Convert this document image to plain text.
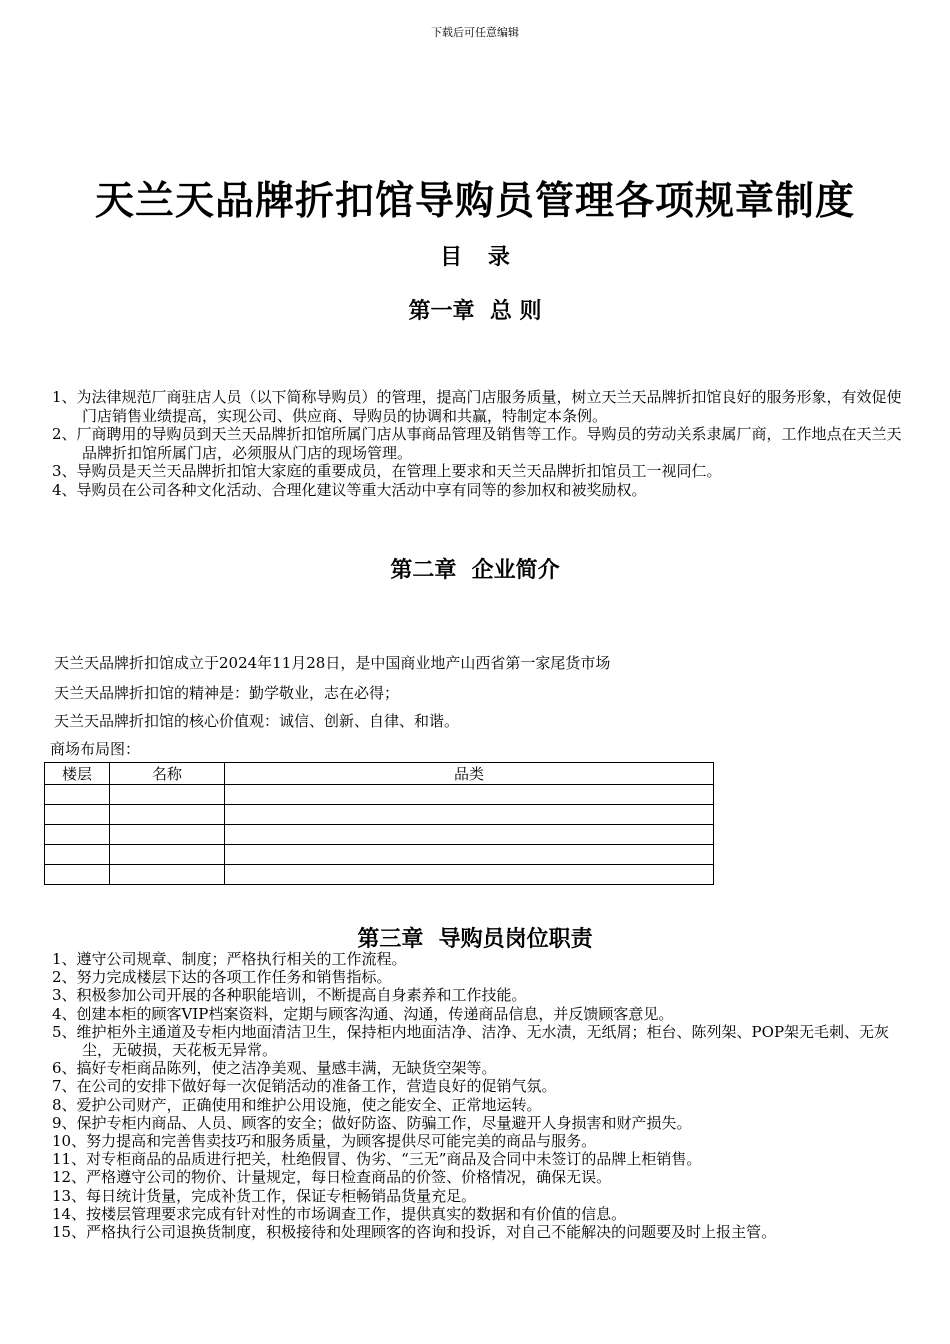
下载后可任意编辑
天兰天品牌折扣馆导购员管理各项规章制度
目 录
第一章  总 则
1、为法律规范厂商驻店人员（以下简称导购员）的管理，提高门店服务质量，树立天兰天品牌折扣馆良好的服务形象，有效促使门店销售业绩提高，实现公司、供应商、导购员的协调和共赢，特制定本条例。
2、厂商聘用的导购员到天兰天品牌折扣馆所属门店从事商品管理及销售等工作。导购员的劳动关系隶属厂商，工作地点在天兰天品牌折扣馆所属门店，必须服从门店的现场管理。
3、导购员是天兰天品牌折扣馆大家庭的重要成员，在管理上要求和天兰天品牌折扣馆员工一视同仁。
4、导购员在公司各种文化活动、合理化建议等重大活动中享有同等的参加权和被奖励权。
第二章  企业简介
天兰天品牌折扣馆成立于2024年11月28日，是中国商业地产山西省第一家尾货市场
天兰天品牌折扣馆的精神是：勤学敬业，志在必得；
天兰天品牌折扣馆的核心价值观：诚信、创新、自律、和谐。
商场布局图：
楼层	名称	品类

第三章  导购员岗位职责
1、遵守公司规章、制度；严格执行相关的工作流程。
2、努力完成楼层下达的各项工作任务和销售指标。
3、积极参加公司开展的各种职能培训，不断提高自身素养和工作技能。
4、创建本柜的顾客VIP档案资料，定期与顾客沟通、沟通，传递商品信息，并反馈顾客意见。
5、维护柜外主通道及专柜内地面清洁卫生，保持柜内地面洁净、洁净、无水渍，无纸屑；柜台、陈列架、POP架无毛刺、无灰尘，无破损，天花板无异常。
6、搞好专柜商品陈列，使之洁净美观、量感丰满，无缺货空架等。
7、在公司的安排下做好每一次促销活动的准备工作，营造良好的促销气氛。
8、爱护公司财产，正确使用和维护公用设施，使之能安全、正常地运转。
9、保护专柜内商品、人员、顾客的安全；做好防盗、防骗工作，尽量避开人身损害和财产损失。
10、努力提高和完善售卖技巧和服务质量，为顾客提供尽可能完美的商品与服务。
11、对专柜商品的品质进行把关，杜绝假冒、伪劣、“三无”商品及合同中未签订的品牌上柜销售。
12、严格遵守公司的物价、计量规定，每日检查商品的价签、价格情况，确保无误。
13、每日统计货量，完成补货工作，保证专柜畅销品货量充足。
14、按楼层管理要求完成有针对性的市场调查工作，提供真实的数据和有价值的信息。
15、严格执行公司退换货制度，积极接待和处理顾客的咨询和投诉，对自己不能解决的问题要及时上报主管。
